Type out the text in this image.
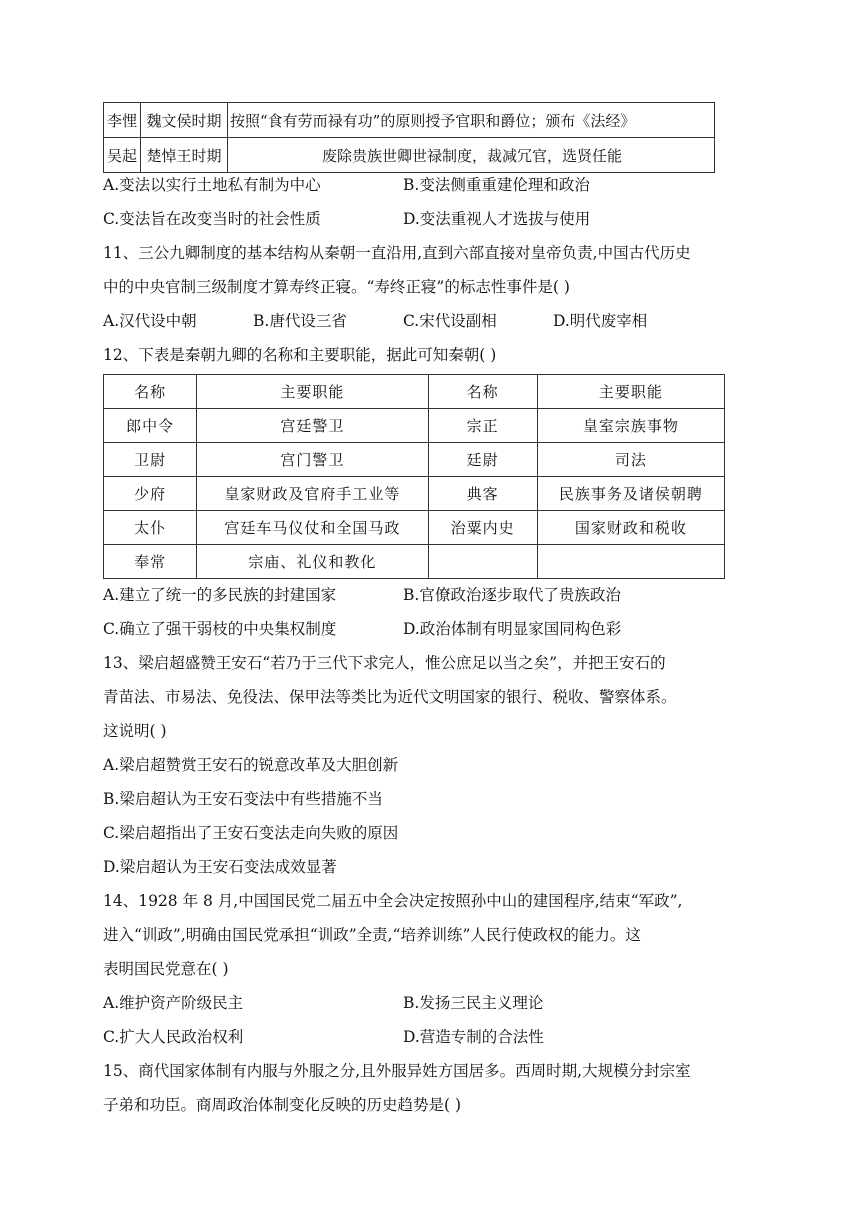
李悝	魏文侯时期	按照“食有劳而禄有功”的原则授予官职和爵位；颁布《法经》
吴起	楚悼王时期	废除贵族世卿世禄制度，裁减冗官，选贤任能
A.变法以实行土地私有制为中心	B.变法侧重重建伦理和政治
C.变法旨在改变当时的社会性质	D.变法重视人才选拔与使用
11、三公九卿制度的基本结构从秦朝一直沿用,直到六部直接对皇帝负责,中国古代历史
中的中央官制三级制度才算寿终正寝。“寿终正寝”的标志性事件是( )
A.汉代设中朝	B.唐代设三省	C.宋代设副相	D.明代废宰相
12、下表是秦朝九卿的名称和主要职能，据此可知秦朝( )
名称	主要职能	名称	主要职能
郎中令	宫廷警卫	宗正	皇室宗族事物
卫尉	宫门警卫	廷尉	司法
少府	皇家财政及官府手工业等	典客	民族事务及诸侯朝聘
太仆	宫廷车马仪仗和全国马政	治粟内史	国家财政和税收
奉常	宗庙、礼仪和教化		
A.建立了统一的多民族的封建国家	B.官僚政治逐步取代了贵族政治
C.确立了强干弱枝的中央集权制度	D.政治体制有明显家国同构色彩
13、梁启超盛赞王安石“若乃于三代下求完人，惟公庶足以当之矣”，并把王安石的
青苗法、市易法、免役法、保甲法等类比为近代文明国家的银行、税收、警察体系。
这说明( )
A.梁启超赞赏王安石的锐意改革及大胆创新
B.梁启超认为王安石变法中有些措施不当
C.梁启超指出了王安石变法走向失败的原因
D.梁启超认为王安石变法成效显著
14、1928 年 8 月,中国国民党二届五中全会决定按照孙中山的建国程序,结束“军政”,
进入“训政”,明确由国民党承担“训政”全责,“培养训练”人民行使政权的能力。这
表明国民党意在( )
A.维护资产阶级民主	B.发扬三民主义理论
C.扩大人民政治权利	D.营造专制的合法性
15、商代国家体制有内服与外服之分,且外服异姓方国居多。西周时期,大规模分封宗室
子弟和功臣。商周政治体制变化反映的历史趋势是( )
